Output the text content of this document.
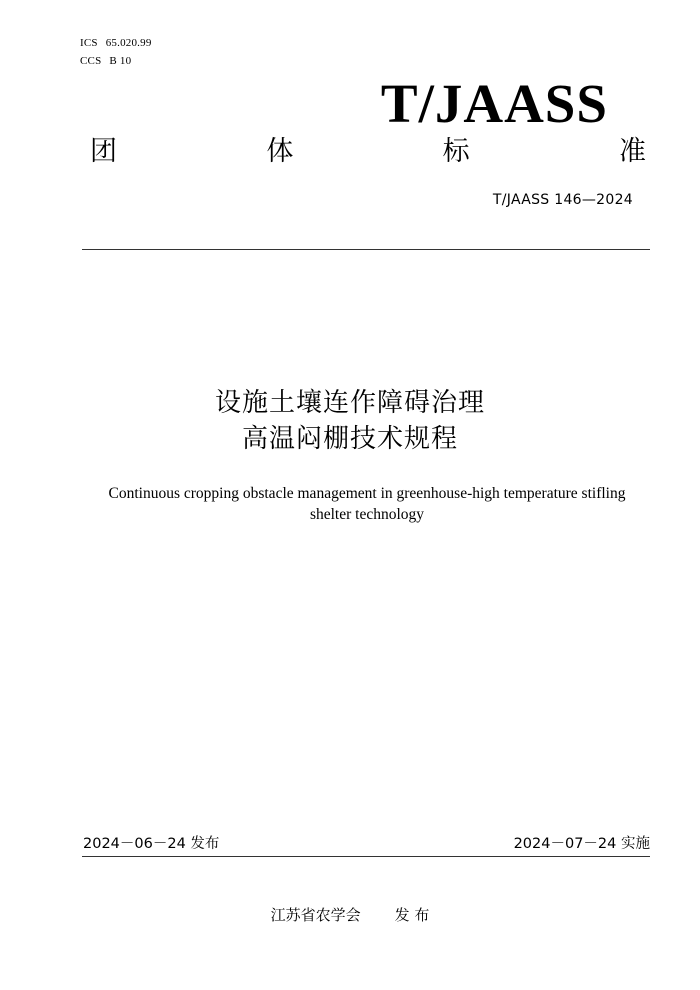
ICS 65.020.99
CCS B 10
T/JAASS
团	体	标	准
T/JAASS 146—2024
设施土壤连作障碍治理
高温闷棚技术规程
Continuous cropping obstacle management in greenhouse-high temperature stifling
shelter technology
2024－06－24 发布	2024－07－24 实施
江苏省农学会 发 布
